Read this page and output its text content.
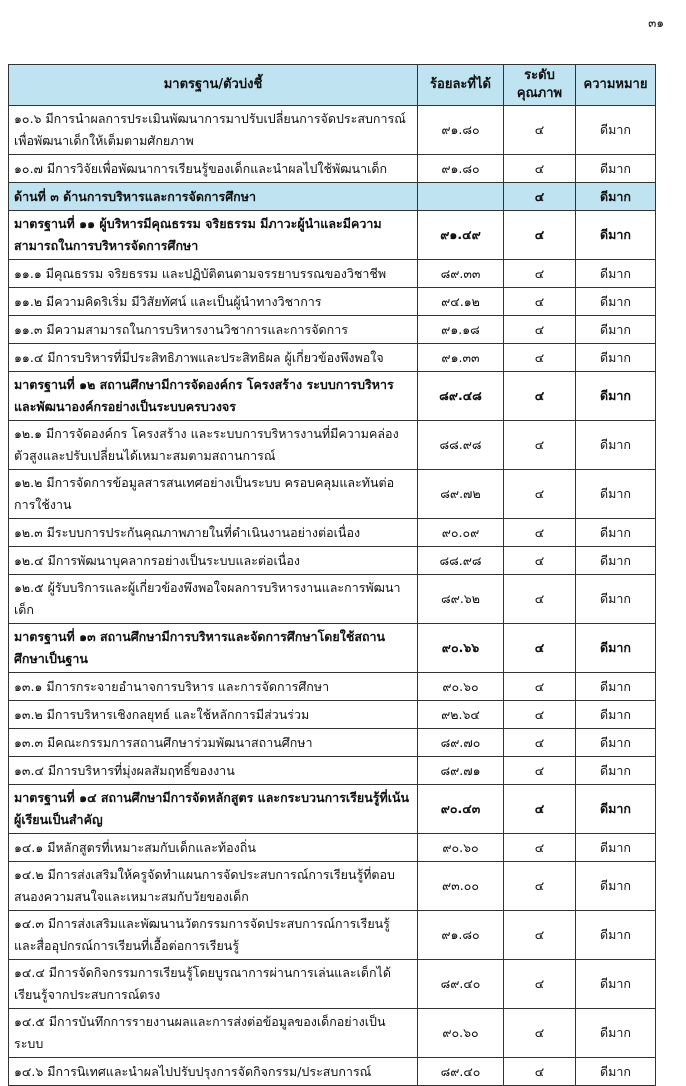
๓๑
มาตรฐาน/ตัวบ่งชี้	ร้อยละที่ได้	ระดับ คุณภาพ	ความหมาย
๑๐.๖ มีการนำผลการประเมินพัฒนาการมาปรับเปลี่ยนการจัดประสบการณ์เพื่อพัฒนาเด็กให้เต็มตามศักยภาพ	๙๑.๘๐	๔	ดีมาก
๑๐.๗ มีการวิจัยเพื่อพัฒนาการเรียนรู้ของเด็กและนำผลไปใช้พัฒนาเด็ก	๙๑.๘๐	๔	ดีมาก
ด้านที่ ๓ ด้านการบริหารและการจัดการศึกษา		๔	ดีมาก
มาตรฐานที่ ๑๑ ผู้บริหารมีคุณธรรม จริยธรรม มีภาวะผู้นำและมีความสามารถในการบริหารจัดการศึกษา	๙๑.๔๙	๔	ดีมาก
๑๑.๑ มีคุณธรรม จริยธรรม และปฏิบัติตนตามจรรยาบรรณของวิชาชีพ	๘๙.๓๓	๔	ดีมาก
๑๑.๒ มีความคิดริเริ่ม มีวิสัยทัศน์ และเป็นผู้นำทางวิชาการ	๙๔.๑๒	๔	ดีมาก
๑๑.๓ มีความสามารถในการบริหารงานวิชาการและการจัดการ	๙๑.๑๘	๔	ดีมาก
๑๑.๔ มีการบริหารที่มีประสิทธิภาพและประสิทธิผล ผู้เกี่ยวข้องพึงพอใจ	๙๑.๓๓	๔	ดีมาก
มาตรฐานที่ ๑๒ สถานศึกษามีการจัดองค์กร โครงสร้าง ระบบการบริหารและพัฒนาองค์กรอย่างเป็นระบบครบวงจร	๘๙.๔๘	๔	ดีมาก
๑๒.๑ มีการจัดองค์กร โครงสร้าง และระบบการบริหารงานที่มีความคล่องตัวสูงและปรับเปลี่ยนได้เหมาะสมตามสถานการณ์	๘๘.๙๘	๔	ดีมาก
๑๒.๒ มีการจัดการข้อมูลสารสนเทศอย่างเป็นระบบ ครอบคลุมและทันต่อการใช้งาน	๘๙.๗๒	๔	ดีมาก
๑๒.๓ มีระบบการประกันคุณภาพภายในที่ดำเนินงานอย่างต่อเนื่อง	๙๐.๐๙	๔	ดีมาก
๑๒.๔ มีการพัฒนาบุคลากรอย่างเป็นระบบและต่อเนื่อง	๘๘.๙๘	๔	ดีมาก
๑๒.๕ ผู้รับบริการและผู้เกี่ยวข้องพึงพอใจผลการบริหารงานและการพัฒนาเด็ก	๘๙.๖๒	๔	ดีมาก
มาตรฐานที่ ๑๓ สถานศึกษามีการบริหารและจัดการศึกษาโดยใช้สถานศึกษาเป็นฐาน	๙๐.๖๖	๔	ดีมาก
๑๓.๑ มีการกระจายอำนาจการบริหาร และการจัดการศึกษา	๙๐.๖๐	๔	ดีมาก
๑๓.๒ มีการบริหารเชิงกลยุทธ์ และใช้หลักการมีส่วนร่วม	๙๒.๖๔	๔	ดีมาก
๑๓.๓ มีคณะกรรมการสถานศึกษาร่วมพัฒนาสถานศึกษา	๘๙.๗๐	๔	ดีมาก
๑๓.๔ มีการบริหารที่มุ่งผลสัมฤทธิ์ของงาน	๘๙.๗๑	๔	ดีมาก
มาตรฐานที่ ๑๔ สถานศึกษามีการจัดหลักสูตร และกระบวนการเรียนรู้ที่เน้นผู้เรียนเป็นสำคัญ	๙๐.๔๓	๔	ดีมาก
๑๔.๑ มีหลักสูตรที่เหมาะสมกับเด็กและท้องถิ่น	๙๐.๖๐	๔	ดีมาก
๑๔.๒ มีการส่งเสริมให้ครูจัดทำแผนการจัดประสบการณ์การเรียนรู้ที่ตอบสนองความสนใจและเหมาะสมกับวัยของเด็ก	๙๓.๐๐	๔	ดีมาก
๑๔.๓ มีการส่งเสริมและพัฒนานวัตกรรมการจัดประสบการณ์การเรียนรู้และสื่ออุปกรณ์การเรียนที่เอื้อต่อการเรียนรู้	๙๑.๘๐	๔	ดีมาก
๑๔.๔ มีการจัดกิจกรรมการเรียนรู้โดยบูรณาการผ่านการเล่นและเด็กได้เรียนรู้จากประสบการณ์ตรง	๘๙.๔๐	๔	ดีมาก
๑๔.๕ มีการบันทึกการรายงานผลและการส่งต่อข้อมูลของเด็กอย่างเป็นระบบ	๙๐.๖๐	๔	ดีมาก
๑๔.๖ มีการนิเทศและนำผลไปปรับปรุงการจัดกิจกรรม/ประสบการณ์	๘๙.๔๐	๔	ดีมาก
